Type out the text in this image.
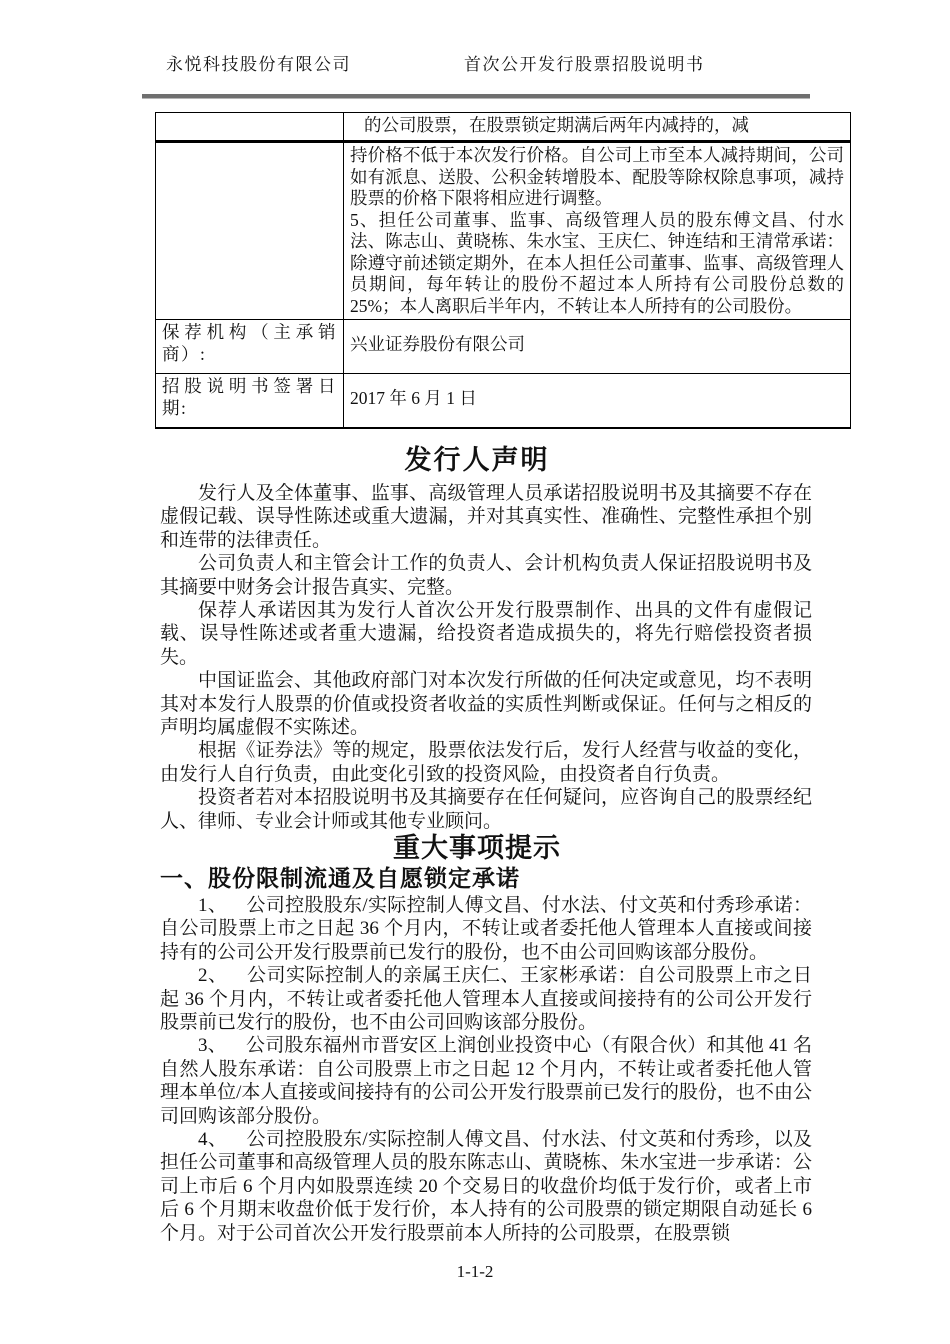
永悦科技股份有限公司	首次公开发行股票招股说明书
	的公司股票，在股票锁定期满后两年内减持的，减

	持价格不低于本次发行价格。自公司上市至本人减持期间，公司如有派息、送股、公积金转增股本、配股等除权除息事项，减持股票的价格下限将相应进行调整。

5、担任公司董事、监事、高级管理人员的股东傅文昌、付水法、陈志山、黄晓栋、朱水宝、王庆仁、钟连结和王清常承诺：除遵守前述锁定期外，在本人担任公司董事、监事、高级管理人员期间，每年转让的股份不超过本人所持有公司股份总数的 25%；本人离职后半年内，不转让本人所持有的公司股份。

保荐机构（主承销商）:	兴业证券股份有限公司
招股说明书签署日期:	2017 年 6 月 1 日
发行人声明

发行人及全体董事、监事、高级管理人员承诺招股说明书及其摘要不存在虚假记载、误导性陈述或重大遗漏，并对其真实性、准确性、完整性承担个别和连带的法律责任。

公司负责人和主管会计工作的负责人、会计机构负责人保证招股说明书及其摘要中财务会计报告真实、完整。

保荐人承诺因其为发行人首次公开发行股票制作、出具的文件有虚假记载、误导性陈述或者重大遗漏，给投资者造成损失的，将先行赔偿投资者损失。

中国证监会、其他政府部门对本次发行所做的任何决定或意见，均不表明其对本发行人股票的价值或投资者收益的实质性判断或保证。任何与之相反的声明均属虚假不实陈述。

根据《证券法》等的规定，股票依法发行后，发行人经营与收益的变化，由发行人自行负责，由此变化引致的投资风险，由投资者自行负责。

投资者若对本招股说明书及其摘要存在任何疑问，应咨询自己的股票经纪人、律师、专业会计师或其他专业顾问。

重大事项提示
一、股份限制流通及自愿锁定承诺

1、 公司控股股东/实际控制人傅文昌、付水法、付文英和付秀珍承诺：自公司股票上市之日起 36 个月内，不转让或者委托他人管理本人直接或间接持有的公司公开发行股票前已发行的股份，也不由公司回购该部分股份。

2、 公司实际控制人的亲属王庆仁、王家彬承诺：自公司股票上市之日起 36 个月内，不转让或者委托他人管理本人直接或间接持有的公司公开发行股票前已发行的股份，也不由公司回购该部分股份。

3、 公司股东福州市晋安区上润创业投资中心（有限合伙）和其他 41 名自然人股东承诺：自公司股票上市之日起 12 个月内，不转让或者委托他人管理本单位/本人直接或间接持有的公司公开发行股票前已发行的股份，也不由公司回购该部分股份。

4、 公司控股股东/实际控制人傅文昌、付水法、付文英和付秀珍，以及担任公司董事和高级管理人员的股东陈志山、黄晓栋、朱水宝进一步承诺：公司上市后 6 个月内如股票连续 20 个交易日的收盘价均低于发行价，或者上市后 6 个月期末收盘价低于发行价，本人持有的公司股票的锁定期限自动延长 6 个月。对于公司首次公开发行股票前本人所持的公司股票，在股票锁

1-1-2
